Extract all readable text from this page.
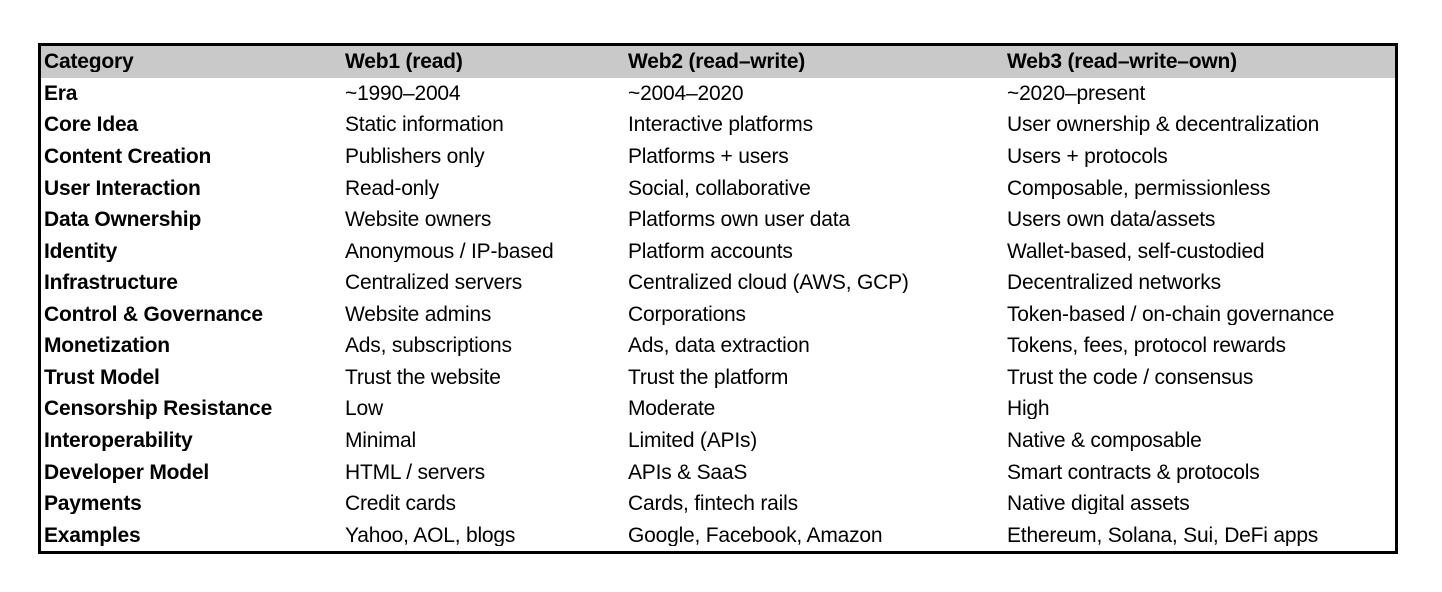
Category	Web1 (read)	Web2 (read–write)	Web3 (read–write–own)
Era	~1990–2004	~2004–2020	~2020–present
Core Idea	Static information	Interactive platforms	User ownership & decentralization
Content Creation	Publishers only	Platforms + users	Users + protocols
User Interaction	Read-only	Social, collaborative	Composable, permissionless
Data Ownership	Website owners	Platforms own user data	Users own data/assets
Identity	Anonymous / IP-based	Platform accounts	Wallet-based, self-custodied
Infrastructure	Centralized servers	Centralized cloud (AWS, GCP)	Decentralized networks
Control & Governance	Website admins	Corporations	Token-based / on-chain governance
Monetization	Ads, subscriptions	Ads, data extraction	Tokens, fees, protocol rewards
Trust Model	Trust the website	Trust the platform	Trust the code / consensus
Censorship Resistance	Low	Moderate	High
Interoperability	Minimal	Limited (APIs)	Native & composable
Developer Model	HTML / servers	APIs & SaaS	Smart contracts & protocols
Payments	Credit cards	Cards, fintech rails	Native digital assets
Examples	Yahoo, AOL, blogs	Google, Facebook, Amazon	Ethereum, Solana, Sui, DeFi apps
